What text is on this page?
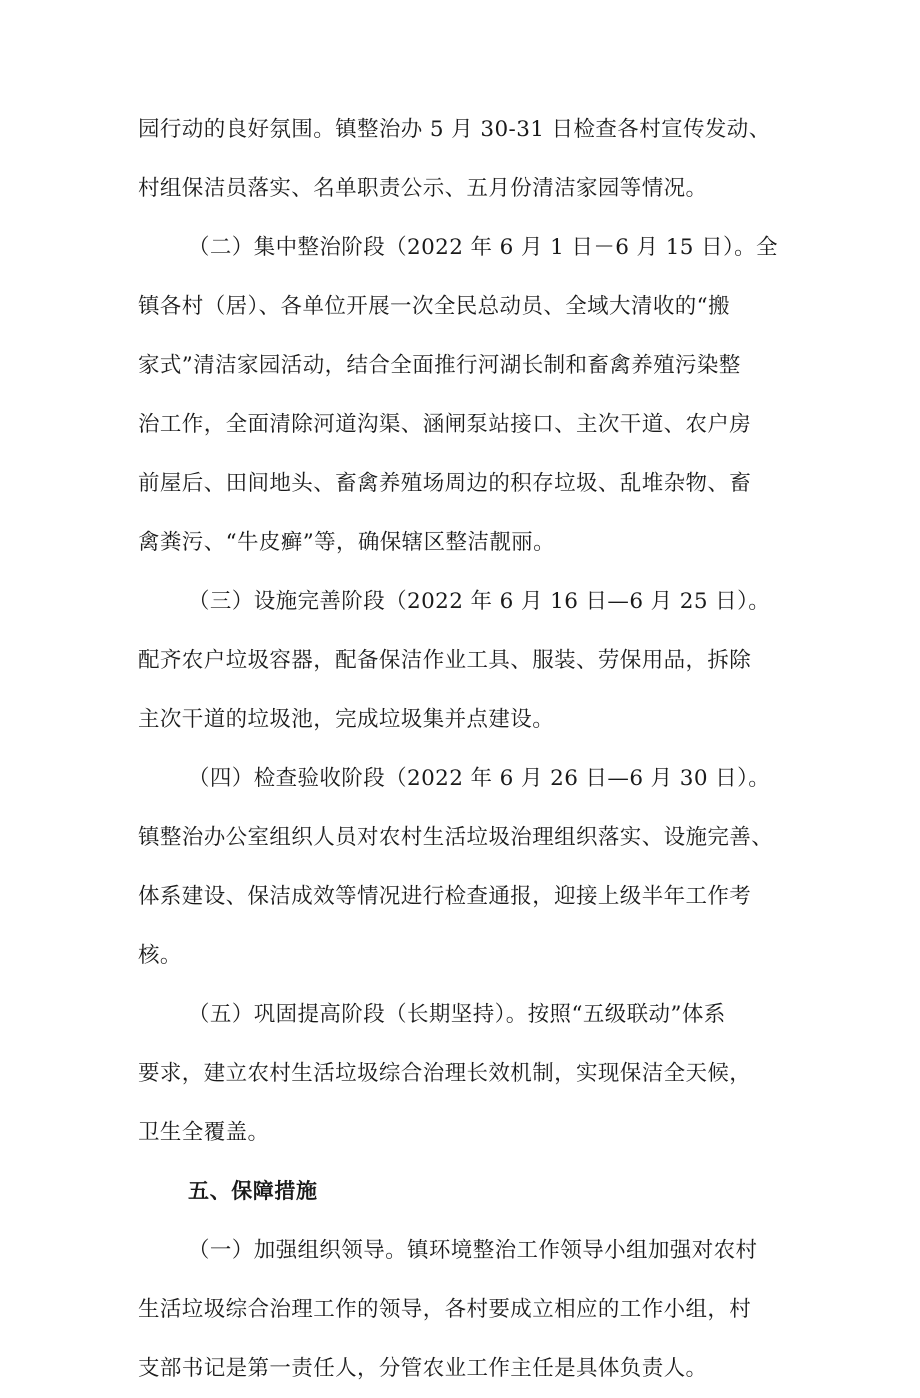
园行动的良好氛围。镇整治办 5 月 30-31 日检查各村宣传发动、
村组保洁员落实、名单职责公示、五月份清洁家园等情况。
（二）集中整治阶段（2022 年 6 月 1 日－6 月 15 日）。全
镇各村（居）、各单位开展一次全民总动员、全域大清收的“搬
家式”清洁家园活动，结合全面推行河湖长制和畜禽养殖污染整
治工作，全面清除河道沟渠、涵闸泵站接口、主次干道、农户房
前屋后、田间地头、畜禽养殖场周边的积存垃圾、乱堆杂物、畜
禽粪污、“牛皮癣”等，确保辖区整洁靓丽。
（三）设施完善阶段（2022 年 6 月 16 日—6 月 25 日）。
配齐农户垃圾容器，配备保洁作业工具、服装、劳保用品，拆除
主次干道的垃圾池，完成垃圾集并点建设。
（四）检查验收阶段（2022 年 6 月 26 日—6 月 30 日）。
镇整治办公室组织人员对农村生活垃圾治理组织落实、设施完善、
体系建设、保洁成效等情况进行检查通报，迎接上级半年工作考
核。
（五）巩固提高阶段（长期坚持）。按照“五级联动”体系
要求，建立农村生活垃圾综合治理长效机制，实现保洁全天候，
卫生全覆盖。
五、保障措施
（一）加强组织领导。镇环境整治工作领导小组加强对农村
生活垃圾综合治理工作的领导，各村要成立相应的工作小组，村
支部书记是第一责任人，分管农业工作主任是具体负责人。
